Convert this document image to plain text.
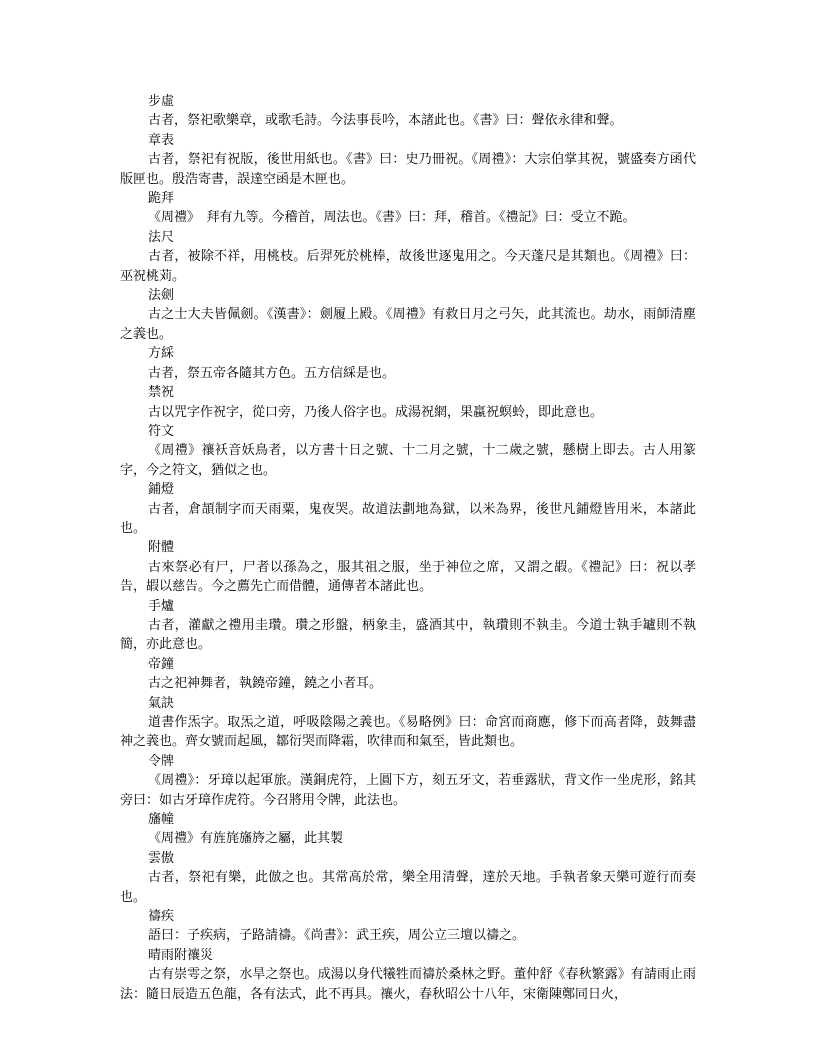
步虛
古者，祭祀歌樂章，或歌毛詩。今法事長吟，本諸此也。《書》曰：聲依永律和聲。
章表
古者，祭祀有祝版，後世用紙也。《書》曰：史乃冊祝。《周禮》：大宗伯掌其祝，號盛奏方函代版匣也。殷浩寄書，誤達空函是木匣也。
跪拜
《周禮》　拜有九等。今稽首，周法也。《書》曰：拜，稽首。《禮記》曰：受立不跪。
法尺
古者，被除不祥，用桃枝。后羿死於桃棒，故後世逐鬼用之。今天蓬尺是其類也。《周禮》曰：巫祝桃苅。
法劍
古之士大夫皆佩劍。《漢書》：劍履上殿。《周禮》有救日月之弓矢，此其流也。劫水，雨師清塵之義也。
方綵
古者，祭五帝各隨其方色。五方信綵是也。
禁祝
古以咒字作祝字，從口旁，乃後人俗字也。成湯祝網，果蠃祝螟蛉，即此意也。
符文
《周禮》禳袄音妖鳥者，以方書十日之號、十二月之號，十二歲之號，懸樹上即去。古人用篆字，今之符文，猶似之也。
鋪燈
古者，倉頡制字而天雨粟，鬼夜哭。故道法劃地為獄，以米為界，後世凡鋪燈皆用米，本諸此也。
附體
古來祭必有尸，尸者以孫為之，服其祖之服，坐于神位之席，又謂之嘏。《禮記》曰：祝以孝告，嘏以慈告。今之薦先亡而借體，通傳者本諸此也。
手爐
古者，灌獻之禮用圭瓚。瓚之形盤，柄象圭，盛酒其中，執瓚則不執圭。今道士執手罏則不執簡，亦此意也。
帝鐘
古之祀神舞者，執鐃帝鐘，鐃之小者耳。
氣訣
道書作炁字。取炁之道，呼吸陰陽之義也。《易略例》曰：命宮而商應，修下而高者降，鼓舞盡神之義也。齊女號而起風，鄒衍哭而降霜，吹律而和氣至，皆此類也。
令牌
《周禮》：牙璋以起軍旅。漢銅虎符，上圓下方，刻五牙文，若垂露狀，背文作一坐虎形，銘其旁曰：如古牙璋作虎符。今召將用令牌，此法也。
旛幢
《周禮》有旌旄旛旍之屬，此其製
雲傲
古者，祭祀有樂，此倣之也。其常高於常，樂全用清聲，達於天地。手執者象天樂可遊行而奏也。
禱疾
語曰：子疾病，子路請禱。《尚書》：武王疾，周公立三壇以禱之。
晴雨附禳災
古有崇雩之祭，水旱之祭也。成湯以身代犧牲而禱於桑林之野。董仲舒《春秋繁露》有請雨止雨法：隨日辰造五色龍，各有法式，此不再具。禳火，春秋昭公十八年，宋衛陳鄭同日火，
